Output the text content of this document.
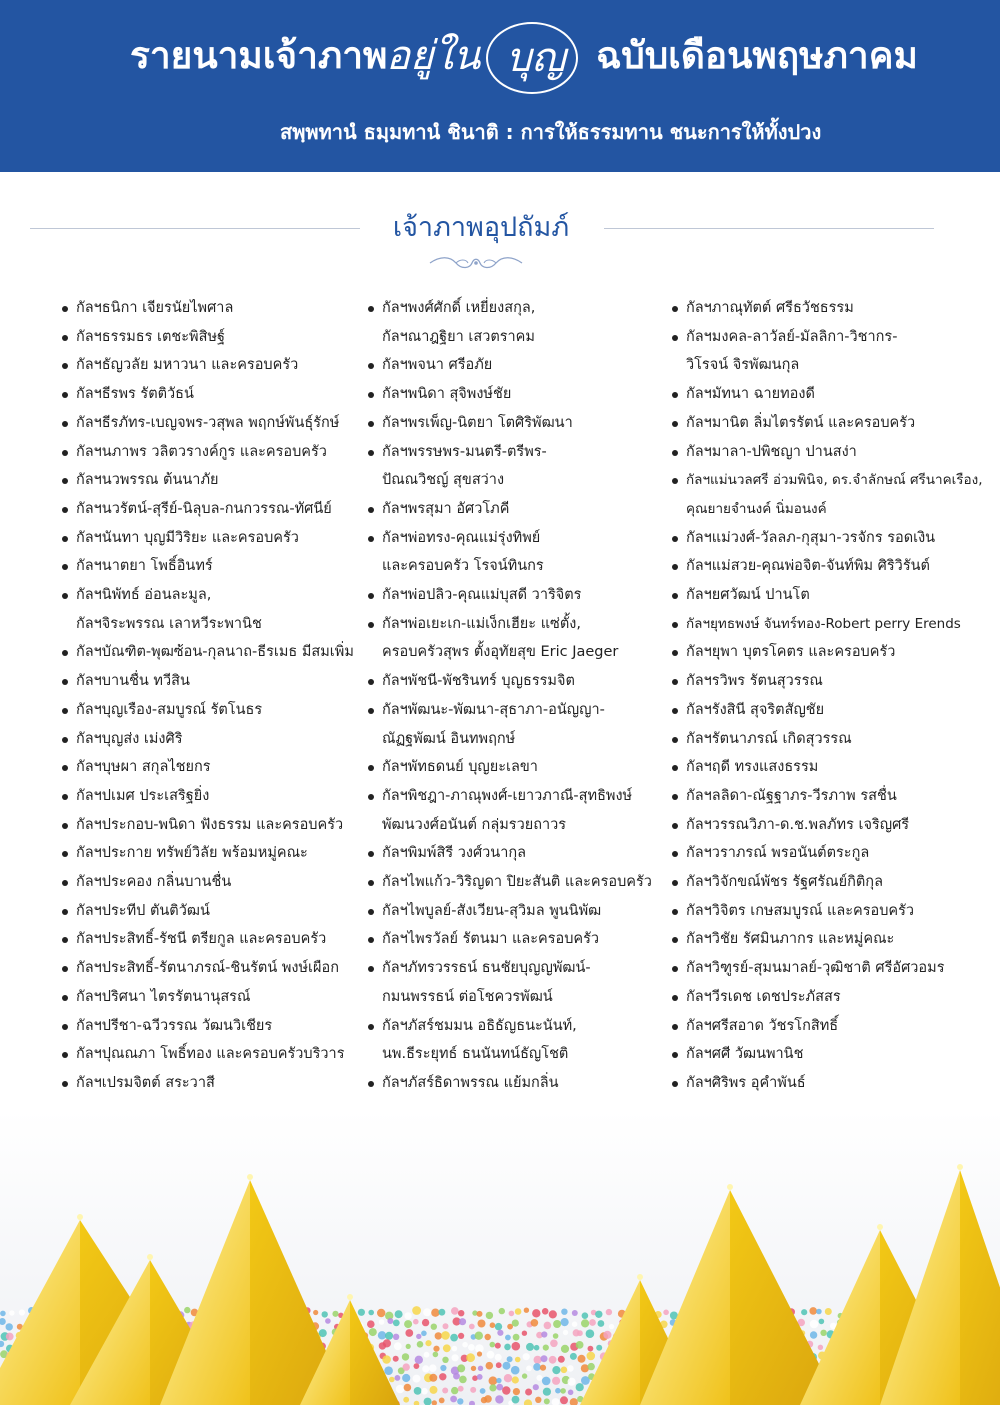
รายนามเจ้าภาพ
อยู่ใน บุญ ฉบับเดือนพฤษภาคม
สพฺพทานํ ธมฺมทานํ ชินาติ : การให้ธรรมทาน ชนะการให้ทั้งปวง
เจ้าภาพอุปถัมภ์
กัลฯธนิกา เจียรนัยไพศาล
กัลฯธรรมธร เตชะพิสิษฐ์
กัลฯธัญวลัย มหาวนา และครอบครัว
กัลฯธีรพร รัตติวัธน์
กัลฯธีรภัทร-เบญจพร-วสุพล พฤกษ์พันธุ์รักษ์
กัลฯนภาพร วลิตวรางค์กูร และครอบครัว
กัลฯนวพรรณ ต้นนาภัย
กัลฯนวรัตน์-สุรีย์-นิลุบล-กนกวรรณ-ทัศนีย์
กัลฯนันทา บุญมีวิริยะ และครอบครัว
กัลฯนาตยา โพธิ์อินทร์
กัลฯนิพัทธ์ อ่อนละมูล,
กัลฯจิระพรรณ เลาหวีระพานิช
กัลฯบัณฑิต-พุฒซ้อน-กุลนาถ-ธีรเมธ มีสมเพิ่ม
กัลฯบานชื่น ทวีสิน
กัลฯบุญเรือง-สมบูรณ์ รัตโนธร
กัลฯบุญส่ง เม่งศิริ
กัลฯบุษผา สกุลไชยกร
กัลฯปเมศ ประเสริฐยิ่ง
กัลฯประกอบ-พนิดา ฟังธรรม และครอบครัว
กัลฯประกาย ทรัพย์วิลัย พร้อมหมู่คณะ
กัลฯประคอง กลิ่นบานชื่น
กัลฯประทีป ตันติวัฒน์
กัลฯประสิทธิ์-รัชนี ตรียกูล และครอบครัว
กัลฯประสิทธิ์-รัตนาภรณ์-ชินรัตน์ พงษ์เผือก
กัลฯปริศนา ไตรรัตนานุสรณ์
กัลฯปรีชา-ฉวีวรรณ วัฒนวิเชียร
กัลฯปุณณภา โพธิ์ทอง และครอบครัวบริวาร
กัลฯเปรมจิตต์ สระวาสี
กัลฯพงศ์ศักดิ์ เหยี่ยงสกุล,
กัลฯณาฎฐิยา เสวตราคม
กัลฯพจนา ศรีอภัย
กัลฯพนิดา สุจิพงษ์ชัย
กัลฯพรเพ็ญ-นิตยา โตศิริพัฒนา
กัลฯพรรษพร-มนตรี-ตรีพร-
ปัณณวิชญ์ สุขสว่าง
กัลฯพรสุมา อัศวโภคี
กัลฯพ่อทรง-คุณแม่รุ่งทิพย์
และครอบครัว โรจน์ทินกร
กัลฯพ่อปลิว-คุณแม่บุสดี วาริจิตร
กัลฯพ่อเยะเก-แม่เง็กเฮียะ แซ่ตั้ง,
ครอบครัวสุพร ตั้งอุทัยสุข Eric Jaeger
กัลฯพัชนี-พัชรินทร์ บุญธรรมจิต
กัลฯพัฒนะ-พัฒนา-สุธาภา-อนัญญา-
ณัฏฐพัฒน์ อินทพฤกษ์
กัลฯพัทธดนย์ บุญยะเลขา
กัลฯพิชฎา-ภาณุพงศ์-เยาวภาณี-สุทธิพงษ์
พัฒนวงศ์อนันต์ กลุ่มรวยถาวร
กัลฯพิมพ์สิรี วงศ์วนากุล
กัลฯไพแก้ว-วิริญดา ปิยะสันติ และครอบครัว
กัลฯไพบูลย์-สังเวียน-สุวิมล พูนนิพัฒ
กัลฯไพรวัลย์ รัตนมา และครอบครัว
กัลฯภัทรวรรธน์ ธนชัยบุญญพัฒน์-
กมนพรรธน์ ต่อโชควรพัฒน์
กัลฯภัสร์ชมมน อธิธัญธนะนันท์,
นพ.ธีระยุทธ์ ธนนันทน์ธัญโชติ
กัลฯภัสร์ธิดาพรรณ แย้มกลิ่น
กัลฯภาณุทัตต์ ศรีธวัชธรรม
กัลฯมงคล-ลาวัลย์-มัลลิกา-วิชากร-
วิโรจน์ จิรพัฒนกุล
กัลฯมัทนา ฉายทองดี
กัลฯมานิต ลิ่มไตรรัตน์ และครอบครัว
กัลฯมาลา-ปพิชญา ปานสง่า
กัลฯแม่นวลศรี อ่วมพินิจ, ดร.จำลักษณ์ ศรีนาคเรือง,
คุณยายจำนงค์ นิ่มอนงค์
กัลฯแม่วงศ์-วัลลภ-กุสุมา-วรจักร รอดเงิน
กัลฯแม่สวย-คุณพ่อจิต-จันท์พิม ศิริวิรันต์
กัลฯยศวัฒน์ ปานโต
กัลฯยุทธพงษ์ จันทร์ทอง-Robert perry Erends
กัลฯยุพา บุตรโคตร และครอบครัว
กัลฯรวิพร รัตนสุวรรณ
กัลฯรังสินี สุจริตสัญชัย
กัลฯรัตนาภรณ์ เกิดสุวรรณ
กัลฯฤดี ทรงแสงธรรม
กัลฯลลิดา-ณัฐฐาภร-วีรภาพ รสชื่น
กัลฯวรรณวิภา-ด.ช.พลภัทร เจริญศรี
กัลฯวราภรณ์ พรอนันต์ตระกูล
กัลฯวิจักขณ์พัชร รัฐศรัณย์กิติกุล
กัลฯวิจิตร เกษสมบูรณ์ และครอบครัว
กัลฯวิชัย รัศมินภากร และหมู่คณะ
กัลฯวิฑูรย์-สุมนมาลย์-วุฒิชาติ ศรีอัศวอมร
กัลฯวีรเดช เดชประภัสสร
กัลฯศรีสอาด วัชรโกสิทธิ์
กัลฯศศี วัฒนพานิช
กัลฯศิริพร อุคำพันธ์
